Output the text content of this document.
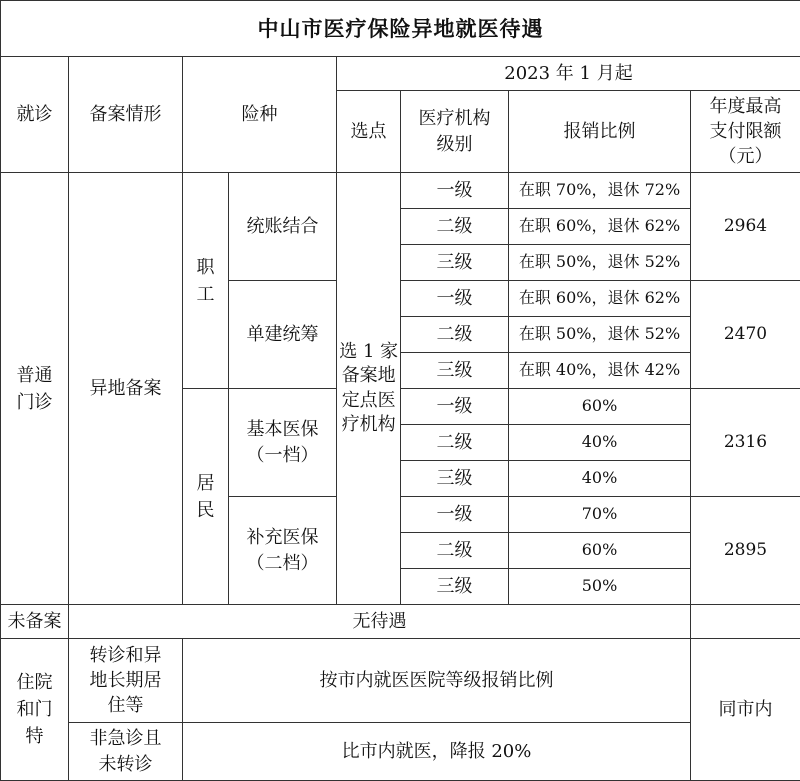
中山市医疗保险异地就医待遇							
就诊	备案情形	险种		2023 年 1 月起			
				选点	医疗机构级别	报销比例	年度最高支付限额（元）
普通门诊	异地备案	职工	统账结合	选 1 家备案地定点医疗机构	一级	在职 70%，退休 72%	2964
					二级	在职 60%，退休 62%	
					三级	在职 50%，退休 52%	
			单建统筹		一级	在职 60%，退休 62%	2470
					二级	在职 50%，退休 52%	
					三级	在职 40%，退休 42%	
		居民	基本医保（一档）		一级	60%	2316
					二级	40%	
					三级	40%	
			补充医保（二档）		一级	70%	2895
					二级	60%	
					三级	50%	
未备案	无待遇						
住院和门特	转诊和异地长期居住等	按市内就医医院等级报销比例					同市内
	非急诊且未转诊	比市内就医，降报 20%					
